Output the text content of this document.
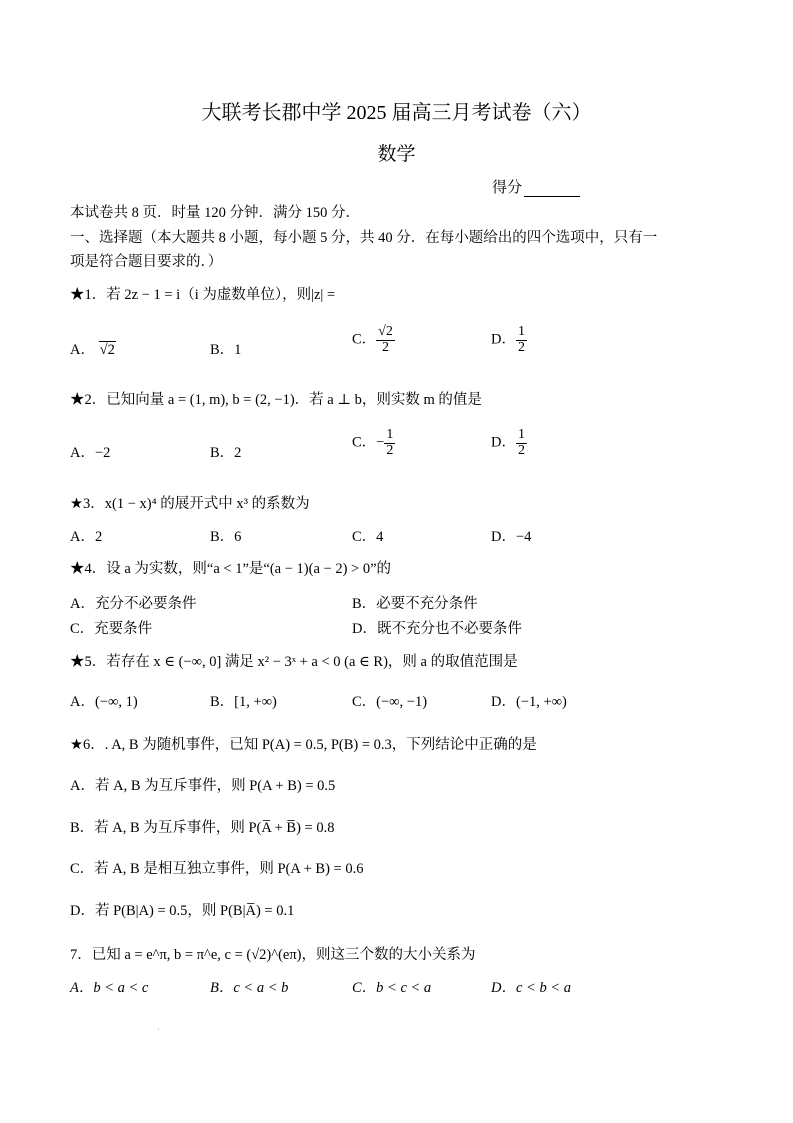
大联考长郡中学 2025 届高三月考试卷（六）
数学
得分
本试卷共 8 页．时量 120 分钟．满分 150 分．
一、选择题（本大题共 8 小题，每小题 5 分，共 40 分．在每小题给出的四个选项中，只有一
项是符合题目要求的．）
★1．若 2z − 1 = i（i 为虚数单位），则|z| =
A． √2	B．1
C． $\frac{√2}{2}$	D． $\frac{1}{2}$
★2．已知向量 a = (1, m), b = (2, −1)．若 a ⊥ b，则实数 m 的值是
A．−2	B．2
C．− $\frac{1}{2}$	D． $\frac{1}{2}$
★3．x(1 − x)⁴ 的展开式中 x³ 的系数为
A．2	B．6	C．4	D．−4
★4．设 a 为实数，则“a < 1”是“(a − 1)(a − 2) > 0”的
A．充分不必要条件	B．必要不充分条件
C．充要条件	D．既不充分也不必要条件
★5．若存在 x ∈ (−∞, 0] 满足 x² − 3ˣ + a < 0 (a ∈ R)，则 a 的取值范围是
A．(−∞, 1)	B．[1, +∞)	C．(−∞, −1)	D．(−1, +∞)
★6．. A, B 为随机事件，已知 P(A) = 0.5, P(B) = 0.3，下列结论中正确的是
A．若 A, B 为互斥事件，则 P(A + B) = 0.5
B．若 A, B 为互斥事件，则 P(A̅ + B̅) = 0.8
C．若 A, B 是相互独立事件，则 P(A + B) = 0.6
D．若 P(B|A) = 0.5，则 P(B|A̅) = 0.1
7．已知 a = e^π, b = π^e, c = (√2)^(eπ)，则这三个数的大小关系为
A．b < a < c	B．c < a < b	C．b < c < a	D．c < b < a
·
